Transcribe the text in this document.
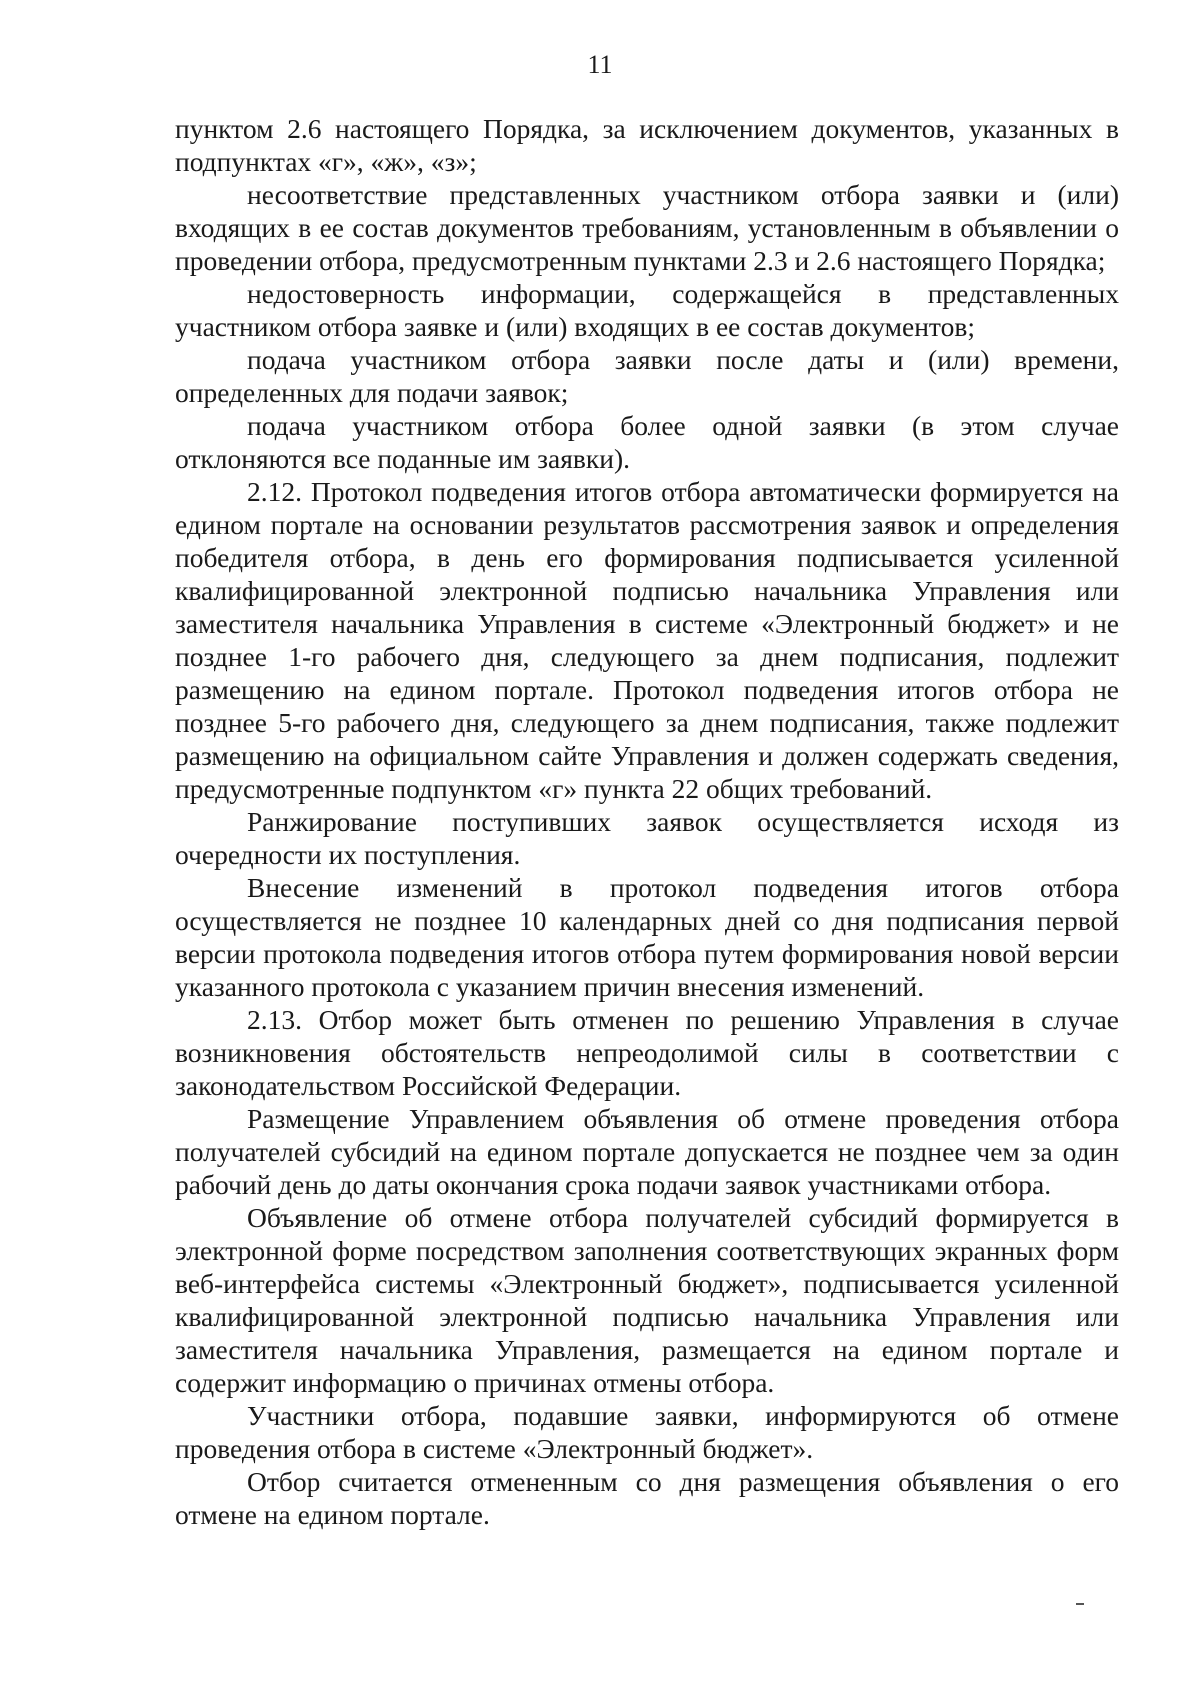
11

пунктом 2.6 настоящего Порядка, за исключением документов, указанных в подпунктах «г», «ж», «з»;

несоответствие представленных участником отбора заявки и (или) входящих в ее состав документов требованиям, установленным в объявлении о проведении отбора, предусмотренным пунктами 2.3 и 2.6 настоящего Порядка;

недостоверность информации, содержащейся в представленных участником отбора заявке и (или) входящих в ее состав документов;

подача участником отбора заявки после даты и (или) времени, определенных для подачи заявок;

подача участником отбора более одной заявки (в этом случае отклоняются все поданные им заявки).

2.12. Протокол подведения итогов отбора автоматически формируется на едином портале на основании результатов рассмотрения заявок и определения победителя отбора, в день его формирования подписывается усиленной квалифицированной электронной подписью начальника Управления или заместителя начальника Управления в системе «Электронный бюджет» и не позднее 1-го рабочего дня, следующего за днем подписания, подлежит размещению на едином портале. Протокол подведения итогов отбора не позднее 5-го рабочего дня, следующего за днем подписания, также подлежит размещению на официальном сайте Управления и должен содержать сведения, предусмотренные подпунктом «г» пункта 22 общих требований.

Ранжирование поступивших заявок осуществляется исходя из очередности их поступления.

Внесение изменений в протокол подведения итогов отбора осуществляется не позднее 10 календарных дней со дня подписания первой версии протокола подведения итогов отбора путем формирования новой версии указанного протокола с указанием причин внесения изменений.

2.13. Отбор может быть отменен по решению Управления в случае возникновения обстоятельств непреодолимой силы в соответствии с законодательством Российской Федерации.

Размещение Управлением объявления об отмене проведения отбора получателей субсидий на едином портале допускается не позднее чем за один рабочий день до даты окончания срока подачи заявок участниками отбора.

Объявление об отмене отбора получателей субсидий формируется в электронной форме посредством заполнения соответствующих экранных форм веб-интерфейса системы «Электронный бюджет», подписывается усиленной квалифицированной электронной подписью начальника Управления или заместителя начальника Управления, размещается на едином портале и содержит информацию о причинах отмены отбора.

Участники отбора, подавшие заявки, информируются об отмене проведения отбора в системе «Электронный бюджет».

Отбор считается отмененным со дня размещения объявления о его отмене на едином портале.
